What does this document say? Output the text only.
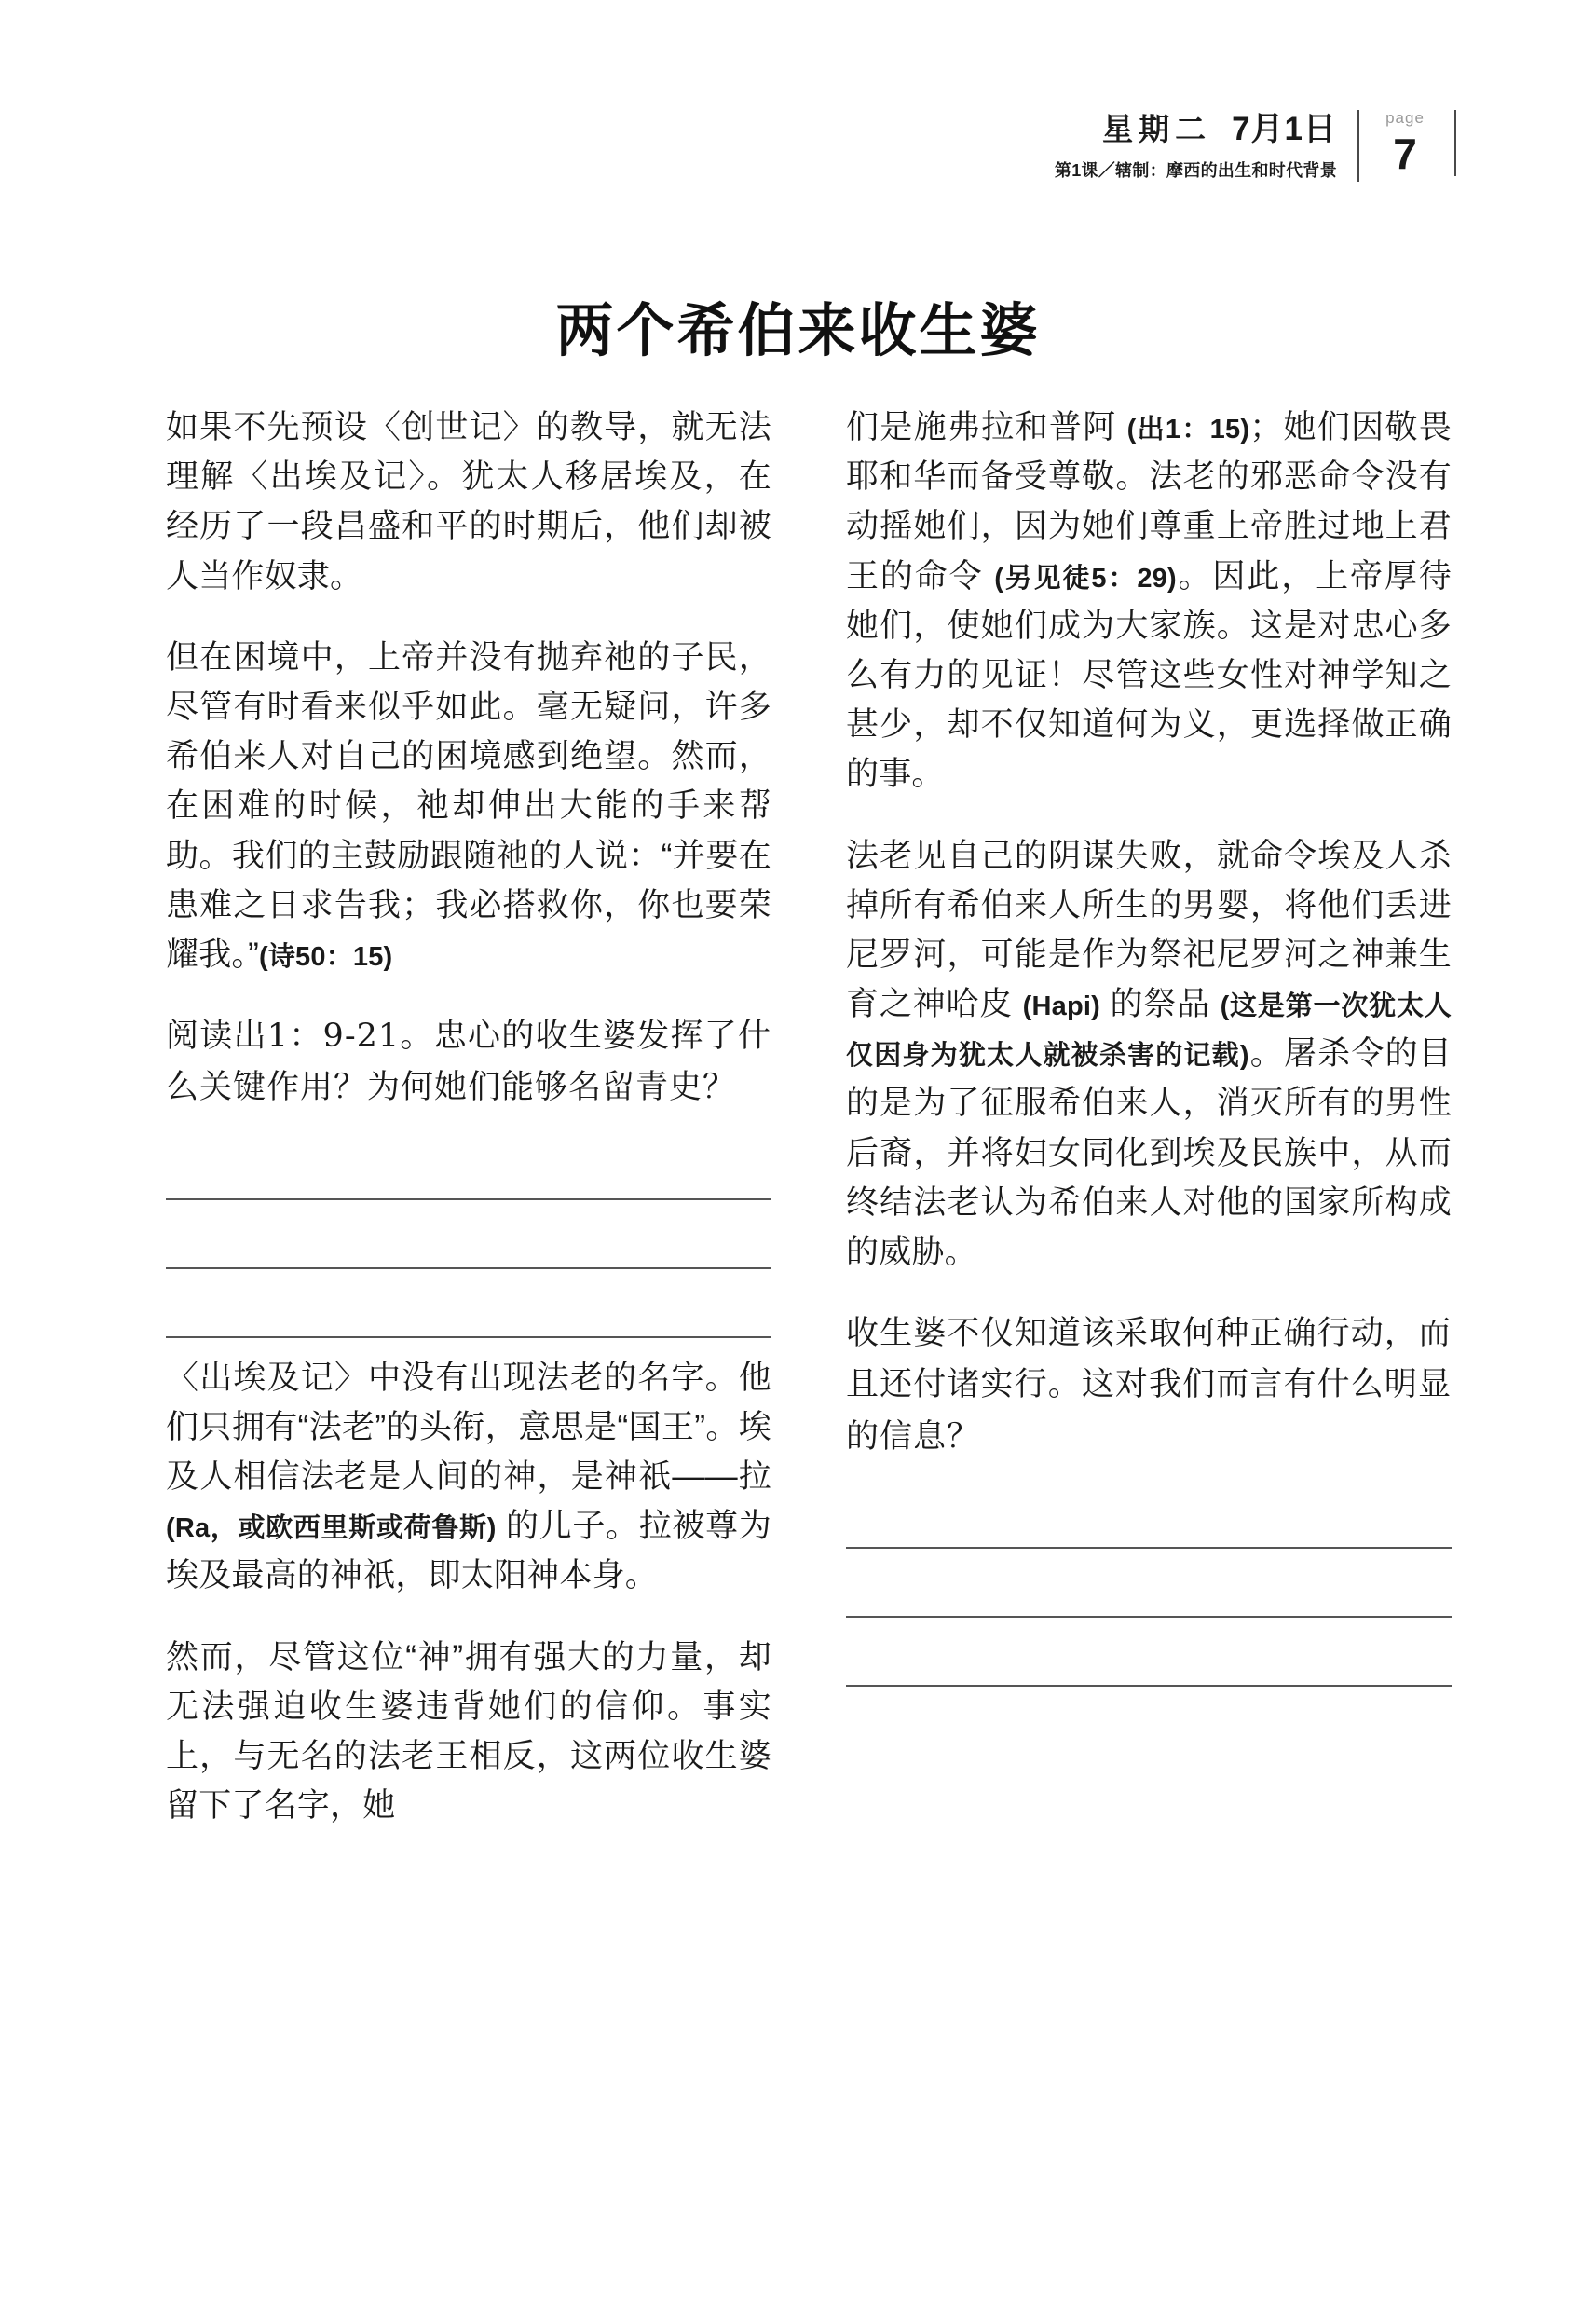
星期二 7月1日
第1课／辖制：摩西的出生和时代背景
page
7
两个希伯来收生婆

如果不先预设〈创世记〉的教导，就无法理解〈出埃及记〉。犹太人移居埃及，在经历了一段昌盛和平的时期后，他们却被人当作奴隶。

但在困境中，上帝并没有抛弃祂的子民，尽管有时看来似乎如此。毫无疑问，许多希伯来人对自己的困境感到绝望。然而，在困难的时候，祂却伸出大能的手来帮助。我们的主鼓励跟随祂的人说：“并要在患难之日求告我；我必搭救你，你也要荣耀我。”(诗50：15)

阅读出1：9-21。忠心的收生婆发挥了什么关键作用？为何她们能够名留青史？

〈出埃及记〉中没有出现法老的名字。他们只拥有“法老”的头衔，意思是“国王”。埃及人相信法老是人间的神，是神祇——拉 (Ra，或欧西里斯或荷鲁斯) 的儿子。拉被尊为埃及最高的神祇，即太阳神本身。

然而，尽管这位“神”拥有强大的力量，却无法强迫收生婆违背她们的信仰。事实上，与无名的法老王相反，这两位收生婆留下了名字，她

们是施弗拉和普阿 (出1：15)；她们因敬畏耶和华而备受尊敬。法老的邪恶命令没有动摇她们，因为她们尊重上帝胜过地上君王的命令 (另见徒5：29)。因此，上帝厚待她们，使她们成为大家族。这是对忠心多么有力的见证！尽管这些女性对神学知之甚少，却不仅知道何为义，更选择做正确的事。

法老见自己的阴谋失败，就命令埃及人杀掉所有希伯来人所生的男婴，将他们丢进尼罗河，可能是作为祭祀尼罗河之神兼生育之神哈皮 (Hapi) 的祭品 (这是第一次犹太人仅因身为犹太人就被杀害的记载)。屠杀令的目的是为了征服希伯来人，消灭所有的男性后裔，并将妇女同化到埃及民族中，从而终结法老认为希伯来人对他的国家所构成的威胁。

收生婆不仅知道该采取何种正确行动，而且还付诸实行。这对我们而言有什么明显的信息？
